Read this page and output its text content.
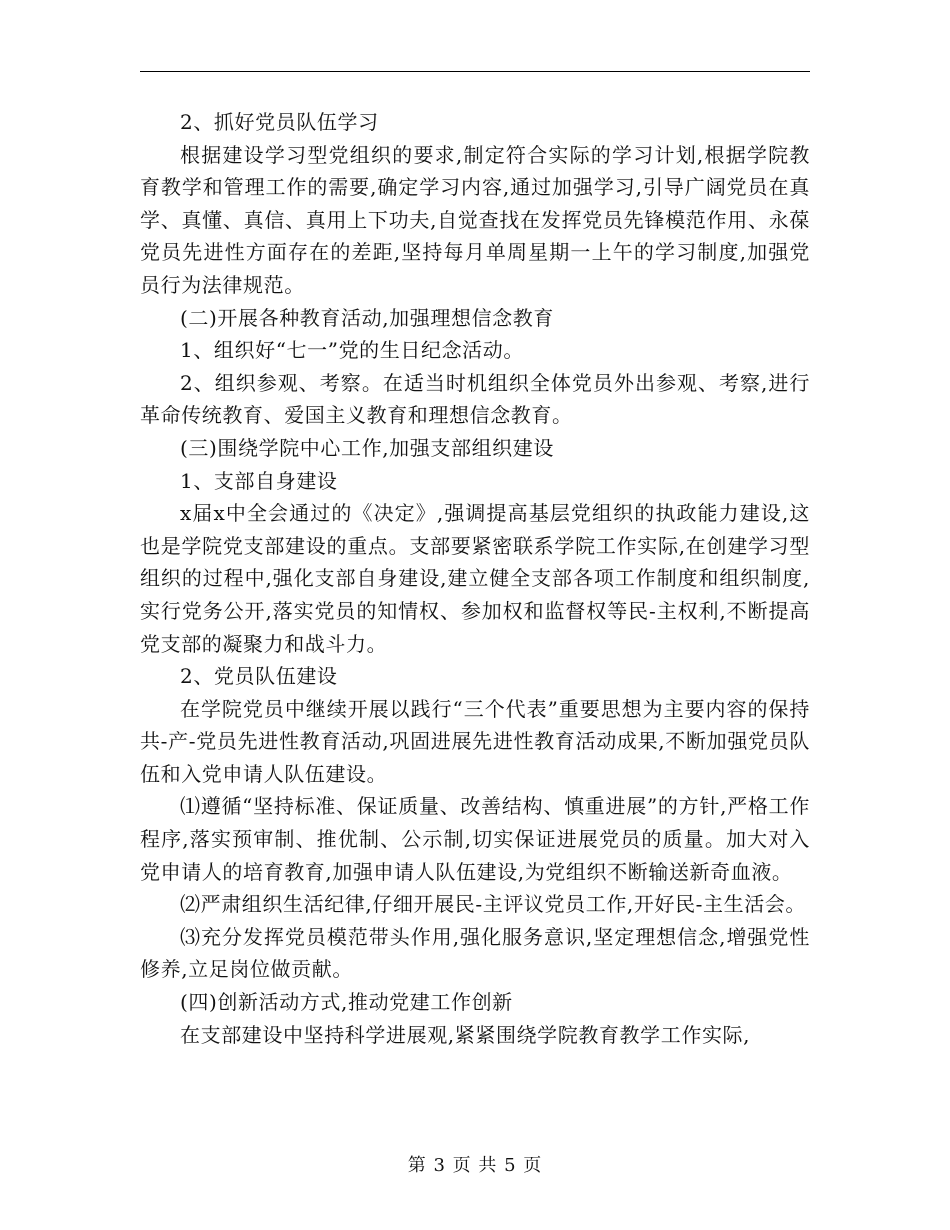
2、抓好党员队伍学习

根据建设学习型党组织的要求,制定符合实际的学习计划,根据学院教育教学和管理工作的需要,确定学习内容,通过加强学习,引导广阔党员在真学、真懂、真信、真用上下功夫,自觉查找在发挥党员先锋模范作用、永葆党员先进性方面存在的差距,坚持每月单周星期一上午的学习制度,加强党员行为法律规范。

(二)开展各种教育活动,加强理想信念教育

1、组织好“七一”党的生日纪念活动。

2、组织参观、考察。在适当时机组织全体党员外出参观、考察,进行革命传统教育、爱国主义教育和理想信念教育。

(三)围绕学院中心工作,加强支部组织建设

1、支部自身建设

x届x中全会通过的《决定》,强调提高基层党组织的执政能力建设,这也是学院党支部建设的重点。支部要紧密联系学院工作实际,在创建学习型组织的过程中,强化支部自身建设,建立健全支部各项工作制度和组织制度,实行党务公开,落实党员的知情权、参加权和监督权等民-主权利,不断提高党支部的凝聚力和战斗力。

2、党员队伍建设

在学院党员中继续开展以践行“三个代表”重要思想为主要内容的保持共-产-党员先进性教育活动,巩固进展先进性教育活动成果,不断加强党员队伍和入党申请人队伍建设。

⑴遵循“坚持标准、保证质量、改善结构、慎重进展”的方针,严格工作程序,落实预审制、推优制、公示制,切实保证进展党员的质量。加大对入党申请人的培育教育,加强申请人队伍建设,为党组织不断输送新奇血液。

⑵严肃组织生活纪律,仔细开展民-主评议党员工作,开好民-主生活会。

⑶充分发挥党员模范带头作用,强化服务意识,坚定理想信念,增强党性修养,立足岗位做贡献。

(四)创新活动方式,推动党建工作创新

在支部建设中坚持科学进展观,紧紧围绕学院教育教学工作实际,

第 3 页 共 5 页
